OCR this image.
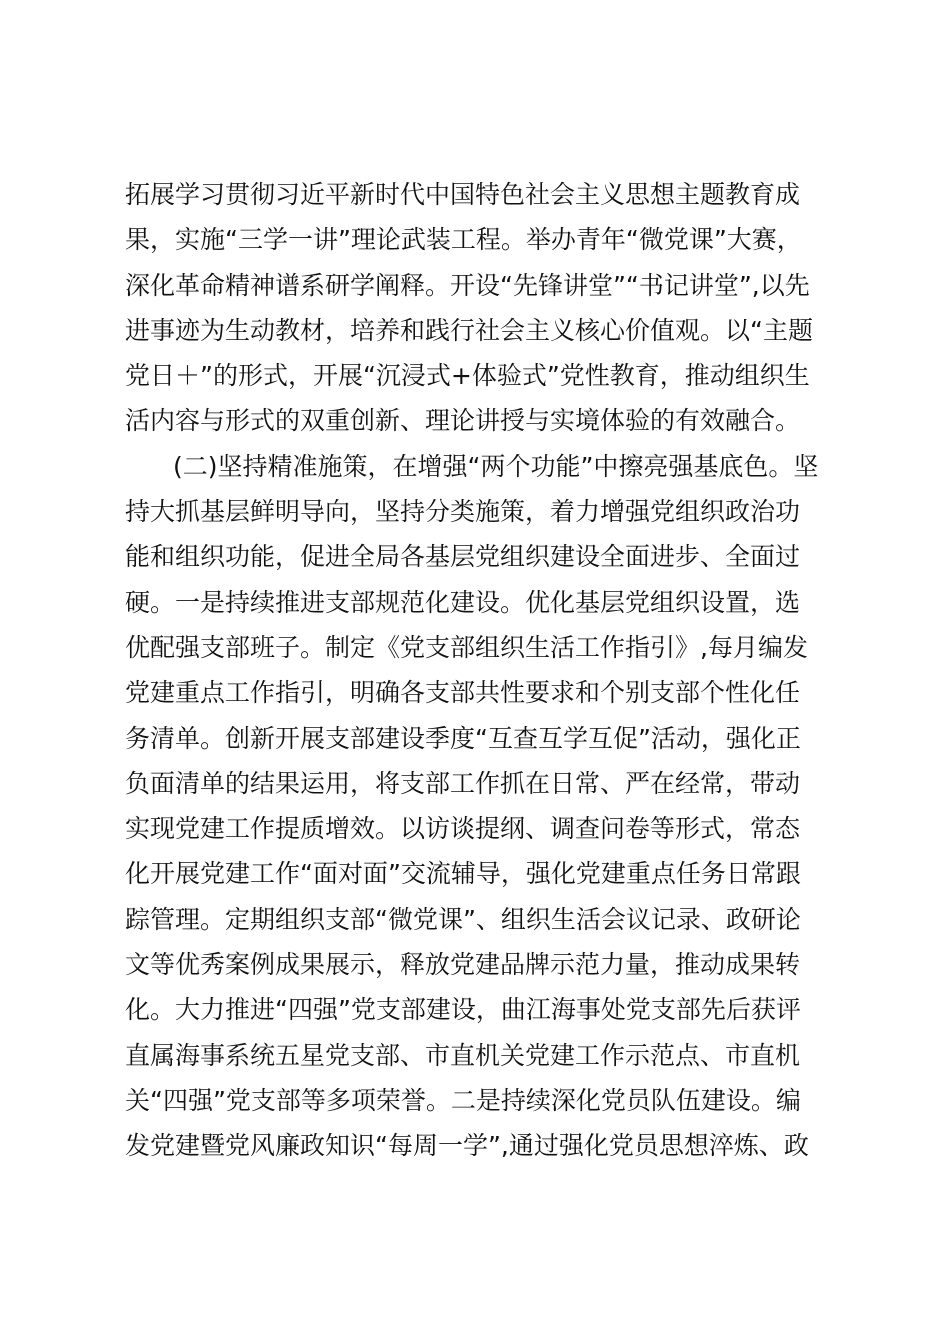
拓展学习贯彻习近平新时代中国特色社会主义思想主题教育成
果，实施“三学一讲”理论武装工程。举办青年“微党课”大赛，
深化革命精神谱系研学阐释。开设“先锋讲堂”“书记讲堂”,以先
进事迹为生动教材，培养和践行社会主义核心价值观。以“主题
党日＋”的形式，开展“沉浸式+体验式”党性教育，推动组织生
活内容与形式的双重创新、理论讲授与实境体验的有效融合。
(二)坚持精准施策，在增强“两个功能”中擦亮强基底色。坚
持大抓基层鲜明导向，坚持分类施策，着力增强党组织政治功
能和组织功能，促进全局各基层党组织建设全面进步、全面过
硬。一是持续推进支部规范化建设。优化基层党组织设置，选
优配强支部班子。制定《党支部组织生活工作指引》,每月编发
党建重点工作指引，明确各支部共性要求和个别支部个性化任
务清单。创新开展支部建设季度“互查互学互促”活动，强化正
负面清单的结果运用，将支部工作抓在日常、严在经常，带动
实现党建工作提质增效。以访谈提纲、调查问卷等形式，常态
化开展党建工作“面对面”交流辅导，强化党建重点任务日常跟
踪管理。定期组织支部“微党课”、组织生活会议记录、政研论
文等优秀案例成果展示，释放党建品牌示范力量，推动成果转
化。大力推进“四强”党支部建设，曲江海事处党支部先后获评
直属海事系统五星党支部、市直机关党建工作示范点、市直机
关“四强”党支部等多项荣誉。二是持续深化党员队伍建设。编
发党建暨党风廉政知识“每周一学”,通过强化党员思想淬炼、政
